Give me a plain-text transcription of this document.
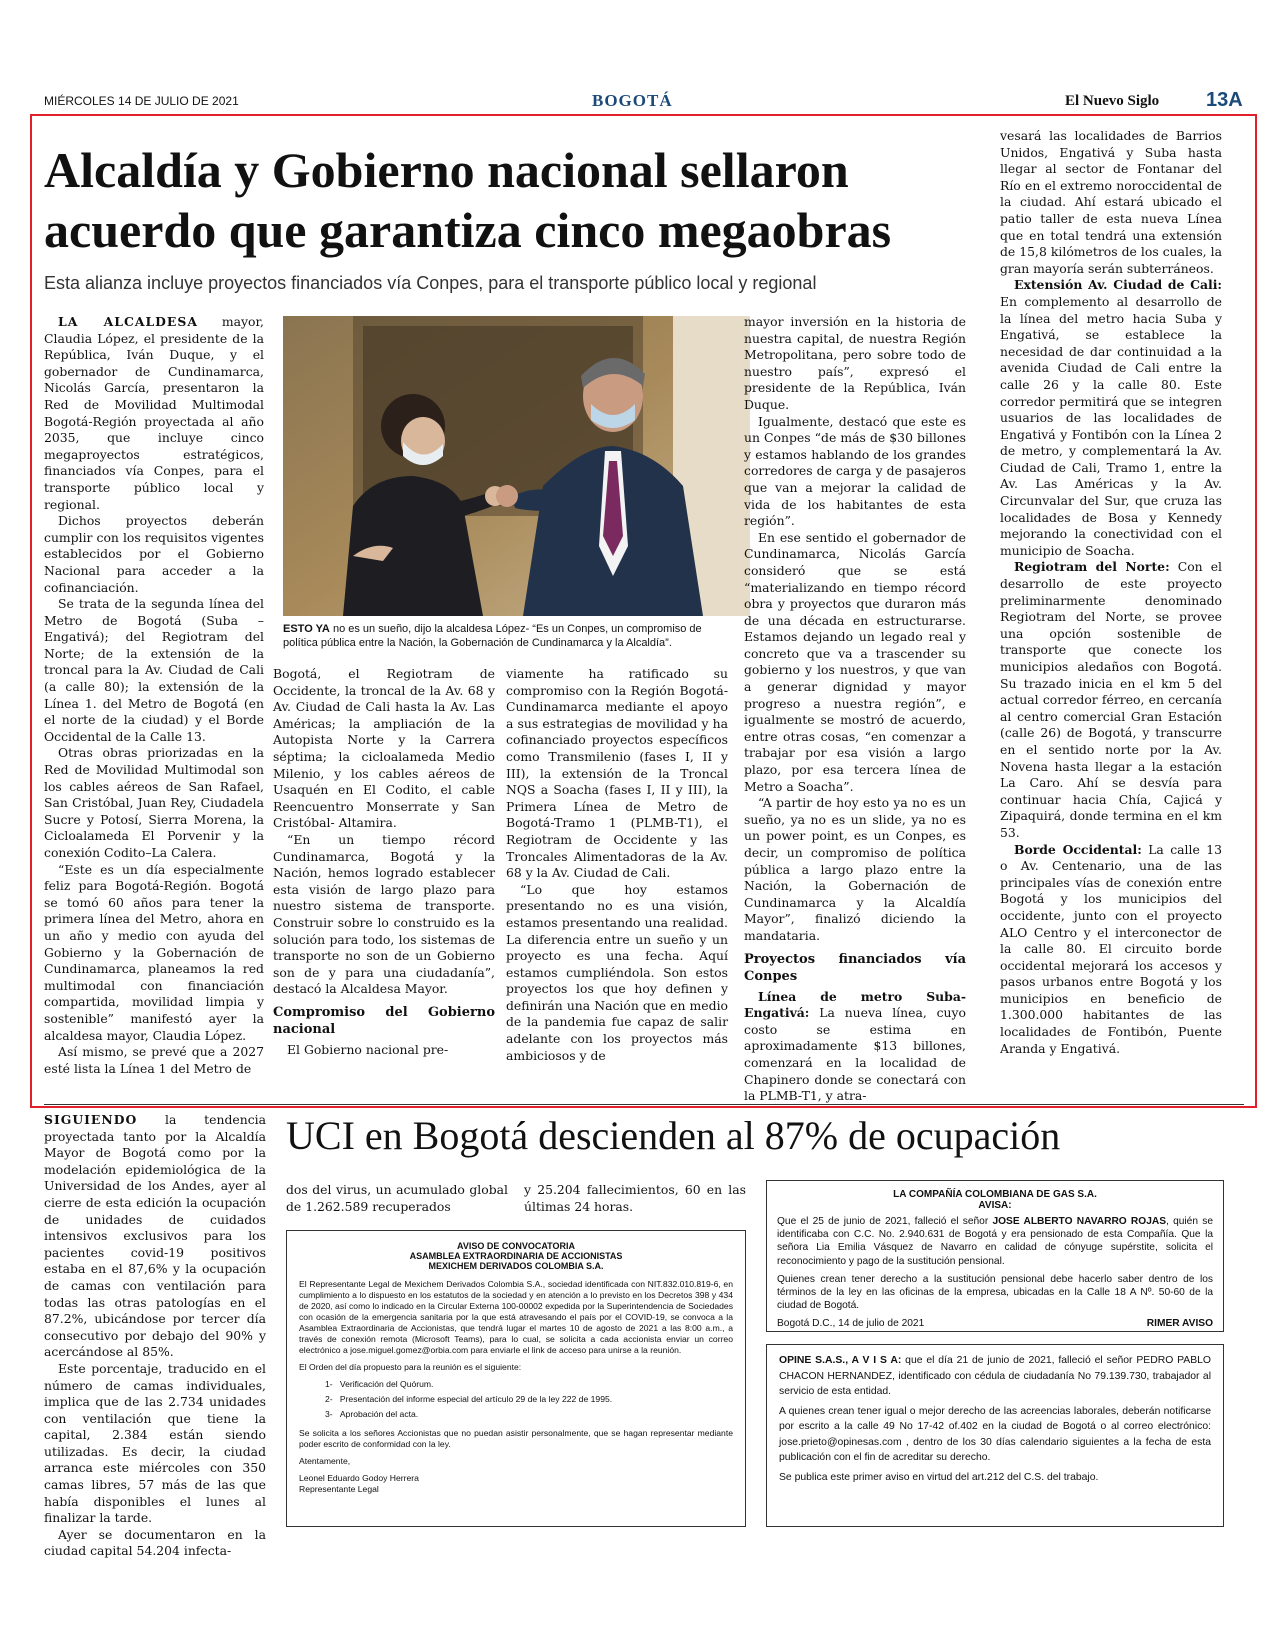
MIÉRCOLES 14 DE JULIO DE 2021	BOGOTÁ	El Nuevo Siglo 13A
Alcaldía y Gobierno nacional sellaron
acuerdo que garantiza cinco megaobras
Esta alianza incluye proyectos financiados vía Conpes, para el transporte público local y regional

LA ALCALDESA mayor, Claudia López, el presidente de la República, Iván Duque, y el gobernador de Cundinamarca, Nicolás García, presentaron la Red de Movilidad Multimodal Bogotá-Región proyectada al año 2035, que incluye cinco megaproyectos estratégicos, financiados vía Conpes, para el transporte público local y regional.

Dichos proyectos deberán cumplir con los requisitos vigentes establecidos por el Gobierno Nacional para acceder a la cofinanciación.

Se trata de la segunda línea del Metro de Bogotá (Suba – Engativá); del Regiotram del Norte; de la extensión de la troncal para la Av. Ciudad de Cali (a calle 80); la extensión de la Línea 1. del Metro de Bogotá (en el norte de la ciudad) y el Borde Occidental de la Calle 13.

Otras obras priorizadas en la Red de Movilidad Multimodal son los cables aéreos de San Rafael, San Cristóbal, Juan Rey, Ciudadela Sucre y Potosí, Sierra Morena, la Cicloalameda El Porvenir y la conexión Codito–La Calera.

“Este es un día especialmente feliz para Bogotá-Región. Bogotá se tomó 60 años para tener la primera línea del Metro, ahora en un año y medio con ayuda del Gobierno y la Gobernación de Cundinamarca, planeamos la red multimodal con financiación compartida, movilidad limpia y sostenible” manifestó ayer la alcaldesa mayor, Claudia López.

Así mismo, se prevé que a 2027 esté lista la Línea 1 del Metro de

ESTO YA no es un sueño, dijo la alcaldesa López- “Es un Conpes, un compromiso de política pública entre la Nación, la Gobernación de Cundinamarca y la Alcaldía”.

Bogotá, el Regiotram de Occidente, la troncal de la Av. 68 y Av. Ciudad de Cali hasta la Av. Las Américas; la ampliación de la Autopista Norte y la Carrera séptima; la cicloalameda Medio Milenio, y los cables aéreos de Usaquén en El Codito, el cable Reencuentro Monserrate y San Cristóbal- Altamira.

“En un tiempo récord Cundinamarca, Bogotá y la Nación, hemos logrado establecer esta visión de largo plazo para nuestro sistema de transporte. Construir sobre lo construido es la solución para todo, los sistemas de transporte no son de un Gobierno son de y para una ciudadanía”, destacó la Alcaldesa Mayor.

Compromiso del Gobierno nacional

El Gobierno nacional pre-

viamente ha ratificado su compromiso con la Región Bogotá-Cundinamarca mediante el apoyo a sus estrategias de movilidad y ha cofinanciado proyectos específicos como Transmilenio (fases I, II y III), la extensión de la Troncal NQS a Soacha (fases I, II y III), la Primera Línea de Metro de Bogotá-Tramo 1 (PLMB-T1), el Regiotram de Occidente y las Troncales Alimentadoras de la Av. 68 y la Av. Ciudad de Cali.

“Lo que hoy estamos presentando no es una visión, estamos presentando una realidad. La diferencia entre un sueño y un proyecto es una fecha. Aquí estamos cumpliéndola. Son estos proyectos los que hoy definen y definirán una Nación que en medio de la pandemia fue capaz de salir adelante con los proyectos más ambiciosos y de

mayor inversión en la historia de nuestra capital, de nuestra Región Metropolitana, pero sobre todo de nuestro país”, expresó el presidente de la República, Iván Duque.

Igualmente, destacó que este es un Conpes “de más de $30 billones y estamos hablando de los grandes corredores de carga y de pasajeros que van a mejorar la calidad de vida de los habitantes de esta región”.

En ese sentido el gobernador de Cundinamarca, Nicolás García consideró que se está “materializando en tiempo récord obra y proyectos que duraron más de una década en estructurarse. Estamos dejando un legado real y concreto que va a trascender su gobierno y los nuestros, y que van a generar dignidad y mayor progreso a nuestra región”, e igualmente se mostró de acuerdo, entre otras cosas, “en comenzar a trabajar por esa visión a largo plazo, por esa tercera línea de Metro a Soacha”.

“A partir de hoy esto ya no es un sueño, ya no es un slide, ya no es un power point, es un Conpes, es decir, un compromiso de política pública a largo plazo entre la Nación, la Gobernación de Cundinamarca y la Alcaldía Mayor”, finalizó diciendo la mandataria.

Proyectos financiados vía Conpes

Línea de metro Suba-Engativá: La nueva línea, cuyo costo se estima en aproximadamente $13 billones, comenzará en la localidad de Chapinero donde se conectará con la PLMB-T1, y atra-

vesará las localidades de Barrios Unidos, Engativá y Suba hasta llegar al sector de Fontanar del Río en el extremo noroccidental de la ciudad. Ahí estará ubicado el patio taller de esta nueva Línea que en total tendrá una extensión de 15,8 kilómetros de los cuales, la gran mayoría serán subterráneos.

Extensión Av. Ciudad de Cali: En complemento al desarrollo de la línea del metro hacia Suba y Engativá, se establece la necesidad de dar continuidad a la avenida Ciudad de Cali entre la calle 26 y la calle 80. Este corredor permitirá que se integren usuarios de las localidades de Engativá y Fontibón con la Línea 2 de metro, y complementará la Av. Ciudad de Cali, Tramo 1, entre la Av. Las Américas y la Av. Circunvalar del Sur, que cruza las localidades de Bosa y Kennedy mejorando la conectividad con el municipio de Soacha.

Regiotram del Norte: Con el desarrollo de este proyecto preliminarmente denominado Regiotram del Norte, se provee una opción sostenible de transporte que conecte los municipios aledaños con Bogotá. Su trazado inicia en el km 5 del actual corredor férreo, en cercanía al centro comercial Gran Estación (calle 26) de Bogotá, y transcurre en el sentido norte por la Av. Novena hasta llegar a la estación La Caro. Ahí se desvía para continuar hacia Chía, Cajicá y Zipaquirá, donde termina en el km 53.

Borde Occidental: La calle 13 o Av. Centenario, una de las principales vías de conexión entre Bogotá y los municipios del occidente, junto con el proyecto ALO Centro y el interconector de la calle 80. El circuito borde occidental mejorará los accesos y pasos urbanos entre Bogotá y los municipios en beneficio de 1.300.000 habitantes de las localidades de Fontibón, Puente Aranda y Engativá.

SIGUIENDO la tendencia proyectada tanto por la Alcaldía Mayor de Bogotá como por la modelación epidemiológica de la Universidad de los Andes, ayer al cierre de esta edición la ocupación de unidades de cuidados intensivos exclusivos para los pacientes covid-19 positivos estaba en el 87,6% y la ocupación de camas con ventilación para todas las otras patologías en el 87.2%, ubicándose por tercer día consecutivo por debajo del 90% y acercándose al 85%.

Este porcentaje, traducido en el número de camas individuales, implica que de las 2.734 unidades con ventilación que tiene la capital, 2.384 están siendo utilizadas. Es decir, la ciudad arranca este miércoles con 350 camas libres, 57 más de las que había disponibles el lunes al finalizar la tarde.

Ayer se documentaron en la ciudad capital 54.204 infecta-

UCI en Bogotá descienden al 87% de ocupación

dos del virus, un acumulado global de 1.262.589 recuperados

y 25.204 fallecimientos, 60 en las últimas 24 horas.

AVISO DE CONVOCATORIA
ASAMBLEA EXTRAORDINARIA DE ACCIONISTAS
MEXICHEM DERIVADOS COLOMBIA S.A.

El Representante Legal de Mexichem Derivados Colombia S.A., sociedad identificada con NIT.832.010.819-6, en cumplimiento a lo dispuesto en los estatutos de la sociedad y en atención a lo previsto en los Decretos 398 y 434 de 2020, así como lo indicado en la Circular Externa 100-00002 expedida por la Superintendencia de Sociedades con ocasión de la emergencia sanitaria por la que está atravesando el país por el COVID-19, se convoca a la Asamblea Extraordinaria de Accionistas, que tendrá lugar el martes 10 de agosto de 2021 a las 8:00 a.m., a través de conexión remota (Microsoft Teams), para lo cual, se solicita a cada accionista enviar un correo electrónico a jose.miguel.gomez@orbia.com para enviarle el link de acceso para unirse a la reunión.

El Orden del día propuesto para la reunión es el siguiente:

1- Verificación del Quórum.
2- Presentación del informe especial del artículo 29 de la ley 222 de 1995.
3- Aprobación del acta.

Se solicita a los señores Accionistas que no puedan asistir personalmente, que se hagan representar mediante poder escrito de conformidad con la ley.

Atentamente,

Leonel Eduardo Godoy Herrera
Representante Legal
LA COMPAÑÍA COLOMBIANA DE GAS S.A.
AVISA:

Que el 25 de junio de 2021, falleció el señor JOSE ALBERTO NAVARRO ROJAS, quién se identificaba con C.C. No. 2.940.631 de Bogotá y era pensionado de esta Compañía. Que la señora Lia Emilia Vásquez de Navarro en calidad de cónyuge supérstite, solicita el reconocimiento y pago de la sustitución pensional.

Quienes crean tener derecho a la sustitución pensional debe hacerlo saber dentro de los términos de la ley en las oficinas de la empresa, ubicadas en la Calle 18 A Nº. 50-60 de la ciudad de Bogotá.

Bogotá D.C., 14 de julio de 2021	RIMER AVISO

OPINE S.A.S., A V I S A: que el día 21 de junio de 2021, falleció el señor PEDRO PABLO CHACON HERNANDEZ, identificado con cédula de ciudadanía No 79.139.730, trabajador al servicio de esta entidad.

A quienes crean tener igual o mejor derecho de las acreencias laborales, deberán notificarse por escrito a la calle 49 No 17-42 of.402 en la ciudad de Bogotá o al correo electrónico: jose.prieto@opinesas.com , dentro de los 30 días calendario siguientes a la fecha de esta publicación con el fin de acreditar su derecho.

Se publica este primer aviso en virtud del art.212 del C.S. del trabajo.
